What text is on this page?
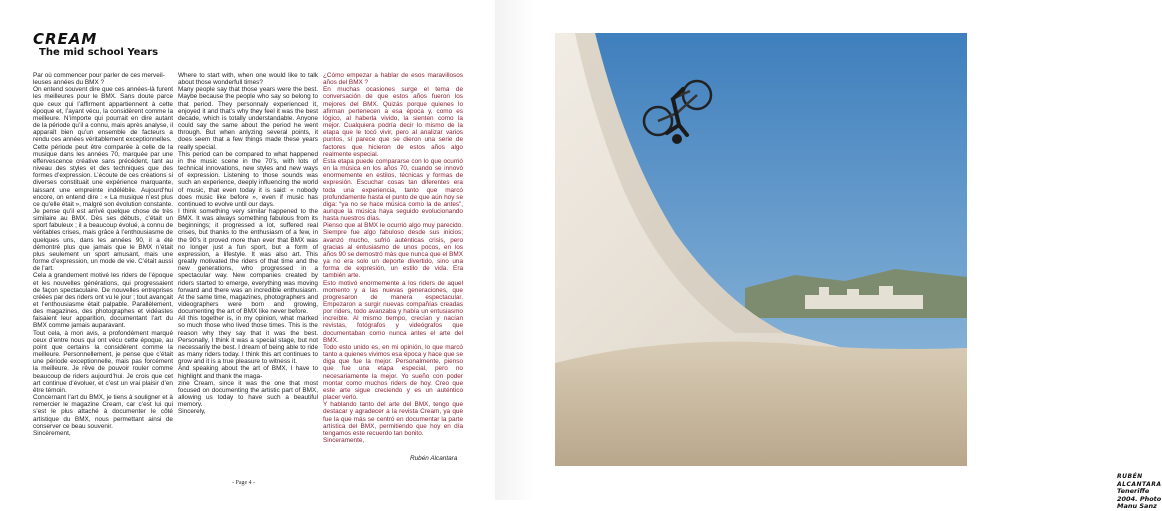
CREAM
The mid school Years

Par où commencer pour parler de ces merveil-
leuses années du BMX ?
On entend souvent dire que ces années-là furent les meilleures pour le BMX. Sans doute parce que ceux qui l’affirment appartiennent à cette époque et, l’ayant vécu, la considèrent comme la meilleure. N’importe qui pourrait en dire autant de la période qu’il a connu, mais après analyse, il apparaît bien qu’un ensemble de facteurs a rendu ces années véritablement exceptionnelles.
Cette période peut être comparée à celle de la musique dans les années 70, marquée par une effervescence créative sans précédent, tant au niveau des styles et des techniques que des formes d’expression. L’écoute de ces créations si diverses constituait une expérience marquante, laissant une empreinte indélébile. Aujourd’hui encore, on entend dire : « La musique n’est plus ce qu’elle était », malgré son évolution constante.
Je pense qu’il est arrivé quelque chose de très similaire au BMX. Dès ses débuts, c’était un sport fabuleux ; il a beaucoup évolué, a connu de véritables crises, mais grâce à l’enthousiasme de quelques uns, dans les années 90, il a été démontré plus que jamais que le BMX n’était plus seulement un sport amusant, mais une forme d’expression, un mode de vie. C’était aussi de l’art.
Cela a grandement motivé les riders de l’époque et les nouvelles générations, qui progressaient de façon spectaculaire. De nouvelles entreprises créées par des riders ont vu le jour ; tout avançait et l’enthousiasme était palpable. Parallèlement, des magazines, des photographes et vidéastes faisaient leur apparition, documentant l’art du BMX comme jamais auparavant.
Tout cela, à mon avis, a profondément marqué ceux d’entre nous qui ont vécu cette époque, au point que certains la considèrent comme la meilleure. Personnellement, je pense que c’était une période exceptionnelle, mais pas forcément la meilleure. Je rêve de pouvoir rouler comme beaucoup de riders aujourd’hui. Je crois que cet art continue d’évoluer, et c’est un vrai plaisir d’en être témoin.
Concernant l’art du BMX, je tiens à souligner et à remercier le magazine Cream, car c’est lui qui s’est le plus attaché à documenter le côté artistique du BMX, nous permettant ainsi de conserver ce beau souvenir.
Sincèrement,

Where to start with, when one would like to talk about those wonderfull times?
Many people say that those years were the best. Maybe because the people who say so belong to that period. They personnaly experienced it, enjoyed it and that’s why they feel it was the best decade, which is totally understandable. Anyone could say the same about the period he went through. But when anlyzing several points, it does seem that a few things made these years really special.
This period can be compared to what happened in the music scene in the 70’s, with lots of technical innovations, new styles and new ways of expression. Listening to those sounds was such an experience, deeply influencing the world of music, that even today it is said: « nobody does music like before », even if music has continued to evolve until our days.
I think something very similar happened to the BMX. It was always something fabulous from its beginnings; it progressed a lot, suffered real crises, but thanks to the enthusiasm of a few, in the 90’s it proved more than ever that BMX was no longer just a fun sport, but a form of expression, a lifestyle. It was also art. This greatly motivated the riders of that time and the new generations, who progressed in a spectacular way. New companies created by riders started to emerge, everything was moving forward and there was an incredible enthusiasm. At the same time, magazines, photographers and videographers were born and growing, documenting the art of BMX like never before.
All this together is, in my opinion, what marked so much those who lived those times. This is the reason why they say that it was the best. Personally, I think it was a special stage, but not necessarily the best. I dream of being able to ride as many riders today. I think this art continues to grow and it is a true pleasure to witness it.
And speaking about the art of BMX, I have to highlight and thank the maga-
zine Cream, since it was the one that most focused on documenting the artistic part of BMX, allowing us today to have such a beautiful memory.
Sincerely,

¿Cómo empezar a hablar de esos maravillosos años del BMX ?
En muchas ocasiones surge el tema de conversación de que estos años fueron los mejores del BMX. Quizás porque quienes lo afirman pertenecen a esa época y, como es lógico, al haberla vivido, la sienten como la mejor. Cualquiera podría decir lo mismo de la etapa que le tocó vivir, pero al analizar varios puntos, sí parece que se dieron una serie de factores que hicieron de estos años algo realmente especial.
Esta etapa puede compararse con lo que ocurrió en la música en los años 70, cuando se innovó enormemente en estilos, técnicas y formas de expresión. Escuchar cosas tan diferentes era toda una experiencia, tanto que marcó profundamente hasta el punto de que aún hoy se diga: “ya no se hace música como la de antes”, aunque la música haya seguido evolucionando hasta nuestros días.
Pienso que al BMX le ocurrió algo muy parecido. Siempre fue algo fabuloso desde sus inicios; avanzó mucho, sufrió auténticas crisis, pero gracias al entusiasmo de unos pocos, en los años 90 se demostró más que nunca que el BMX ya no era solo un deporte divertido, sino una forma de expresión, un estilo de vida. Era también arte.
Esto motivó enormemente a los riders de aquel momento y a las nuevas generaciones, que progresaron de manera espectacular. Empezaron a surgir nuevas compañías creadas por riders, todo avanzaba y había un entusiasmo increíble. Al mismo tiempo, crecían y nacían revistas, fotógrafos y videógrafos que documentaban como nunca antes el arte del BMX.
Todo esto unido es, en mi opinión, lo que marcó tanto a quienes vivimos esa época y hace que se diga que fue la mejor. Personalmente, pienso que fue una etapa especial, pero no necesariamente la mejor. Yo sueño con poder montar como muchos riders de hoy. Creo que este arte sigue creciendo y es un auténtico placer verlo.
Y hablando tanto del arte del BMX, tengo que destacar y agradecer a la revista Cream, ya que fue la que más se centró en documentar la parte artística del BMX, permitiendo que hoy en día tengamos este recuerdo tan bonito.
Sinceramente,

Rubén Alcantara
- Page 4 -
RUBÉN ALCANTARA
Teneriffe 2004. Photo Manu Sanz
